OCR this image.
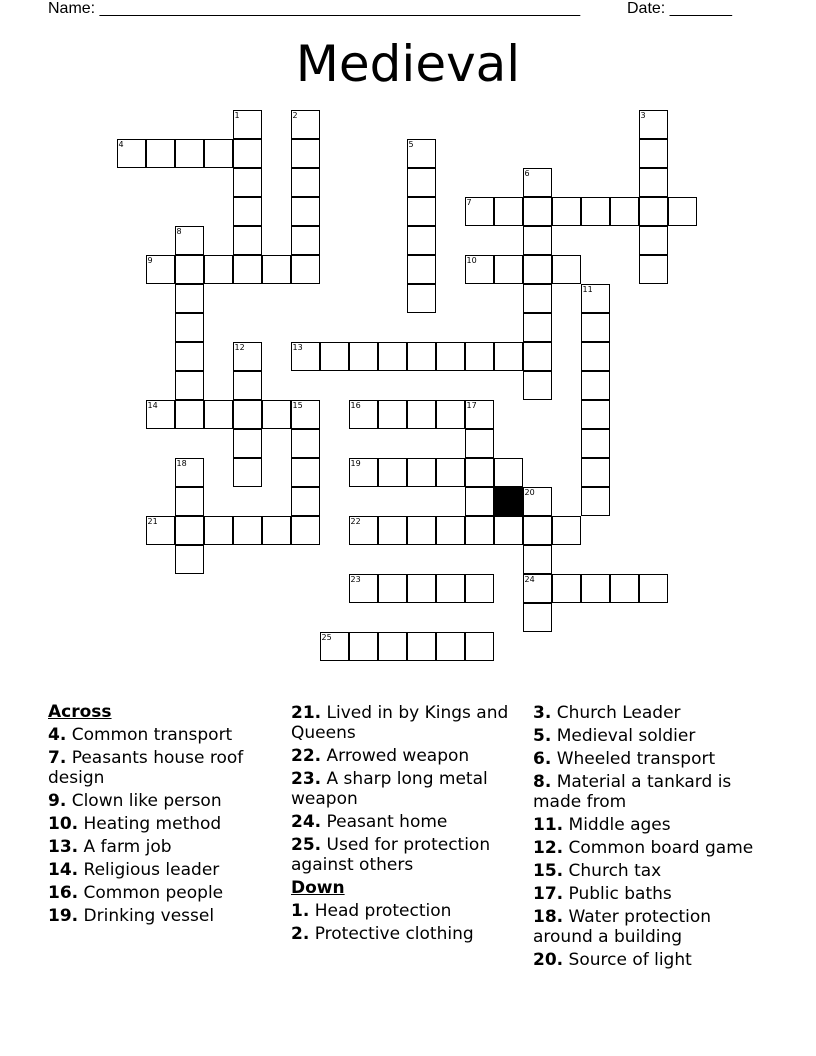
Name: ______________________________________________________	Date: _______
Medieval
1	2	3
4	5
6
7
8
9	10
11
12	13
14	15	16	17
18	19
20
21	22
23	24
25
Across
4. Common transport
7. Peasants house roof design
9. Clown like person
10. Heating method
13. A farm job
14. Religious leader
16. Common people
19. Drinking vessel
21. Lived in by Kings and Queens
22. Arrowed weapon
23. A sharp long metal weapon
24. Peasant home
25. Used for protection against others
Down
1. Head protection
2. Protective clothing
3. Church Leader
5. Medieval soldier
6. Wheeled transport
8. Material a tankard is made from
11. Middle ages
12. Common board game
15. Church tax
17. Public baths
18. Water protection around a building
20. Source of light
